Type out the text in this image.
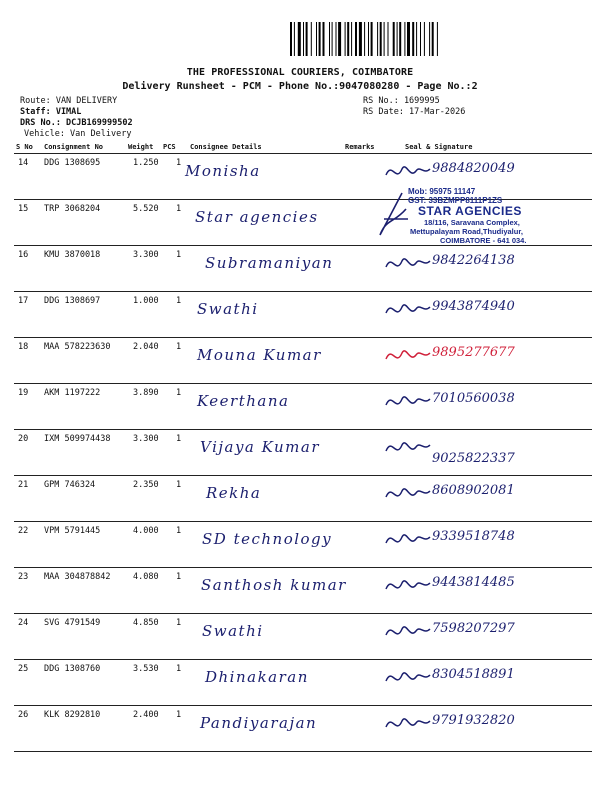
THE PROFESSIONAL COURIERS, COIMBATORE
Delivery Runsheet - PCM - Phone No.:9047080280 - Page No.:2
Route: VAN DELIVERY
Staff: VIMAL
DRS No.: DCJB169999502
Vehicle: Van Delivery
RS No.: 1699995
RS Date: 17-Mar-2026
S No Consignment No	Weight PCS Consignee Details	Remarks	Seal & Signature
14 DDG 1308695	1.250 1 Monisha	9884820049
15 TRP 3068204	5.520 1 Star agencies
16 KMU 3870018	3.300 1 Subramaniyan	9842264138
17 DDG 1308697	1.000 1 Swathi	9943874940
18 MAA 578223630	2.040 1 Mouna Kumar	9895277677
19 AKM 1197222	3.890 1 Keerthana	7010560038
20 IXM 509974438	3.300 1 Vijaya Kumar
9025822337
21 GPM 746324	2.350 1 Rekha	8608902081
22 VPM 5791445	4.000 1 SD technology	9339518748
23 MAA 304878842	4.080 1 Santhosh kumar	9443814485
24 SVG 4791549	4.850 1 Swathi	7598207297
25 DDG 1308760	3.530 1 Dhinakaran	8304518891
26 KLK 8292810	2.400 1 Pandiyarajan	9791932820
Mob: 95975 11147
GST: 33BZMPP8111P1ZS
STAR AGENCIES
18/116, Saravana Complex,
Mettupalayam Road,Thudiyalur,
COIMBATORE - 641 034.
